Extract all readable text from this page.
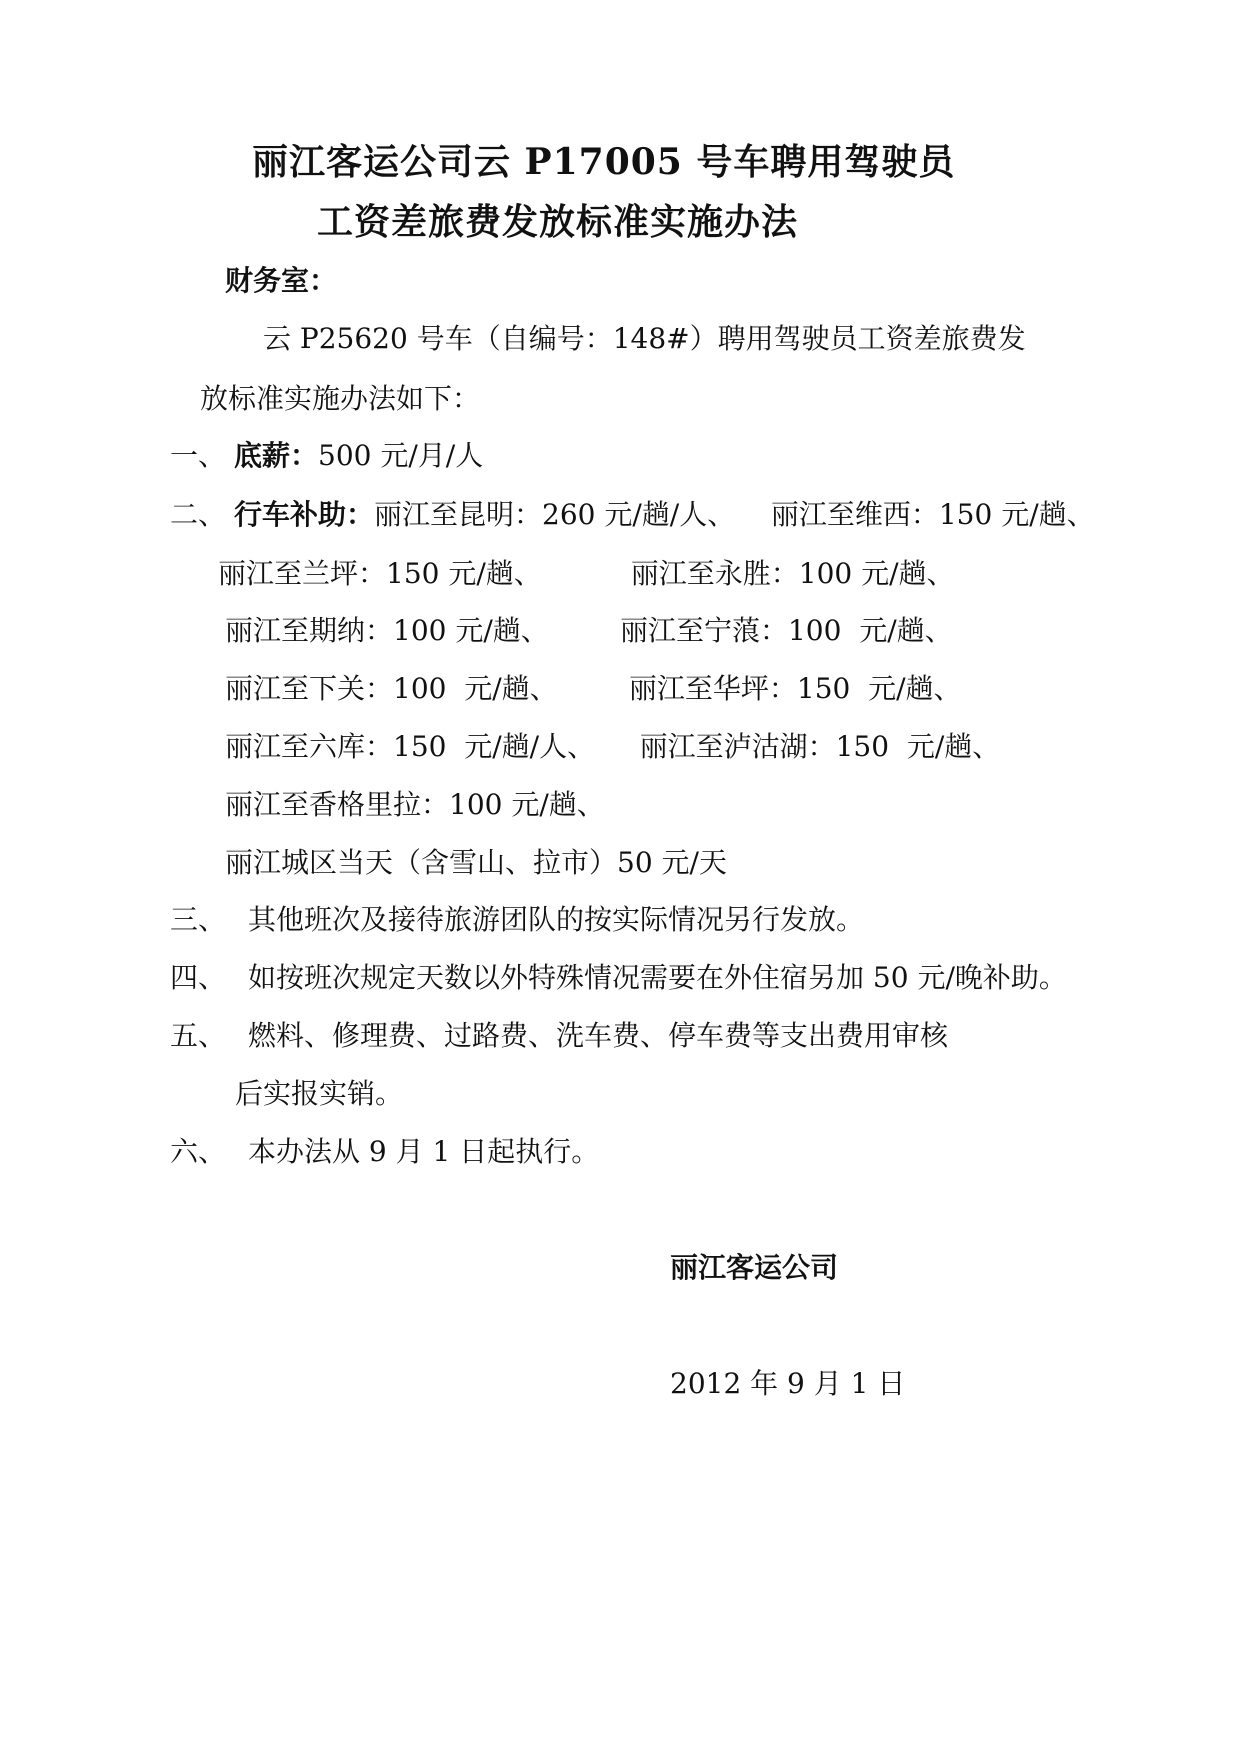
丽江客运公司云 P17005 号车聘用驾驶员
工资差旅费发放标准实施办法
财务室：
云 P25620 号车（自编号：148#）聘用驾驶员工资差旅费发
放标准实施办法如下：
一、 底薪：500 元/月/人
二、 行车补助：丽江至昆明：260 元/趟/人、    丽江至维西：150 元/趟、
丽江至兰坪：150 元/趟、          丽江至永胜：100 元/趟、
丽江至期纳：100 元/趟、        丽江至宁蒗：100  元/趟、
丽江至下关：100  元/趟、        丽江至华坪：150  元/趟、
丽江至六库：150  元/趟/人、     丽江至泸沽湖：150  元/趟、
丽江至香格里拉：100 元/趟、
丽江城区当天（含雪山、拉市）50 元/天
三、 其他班次及接待旅游团队的按实际情况另行发放。
四、 如按班次规定天数以外特殊情况需要在外住宿另加 50 元/晚补助。
五、 燃料、修理费、过路费、洗车费、停车费等支出费用审核
后实报实销。
六、 本办法从 9 月 1 日起执行。
丽江客运公司
2012 年 9 月 1 日
